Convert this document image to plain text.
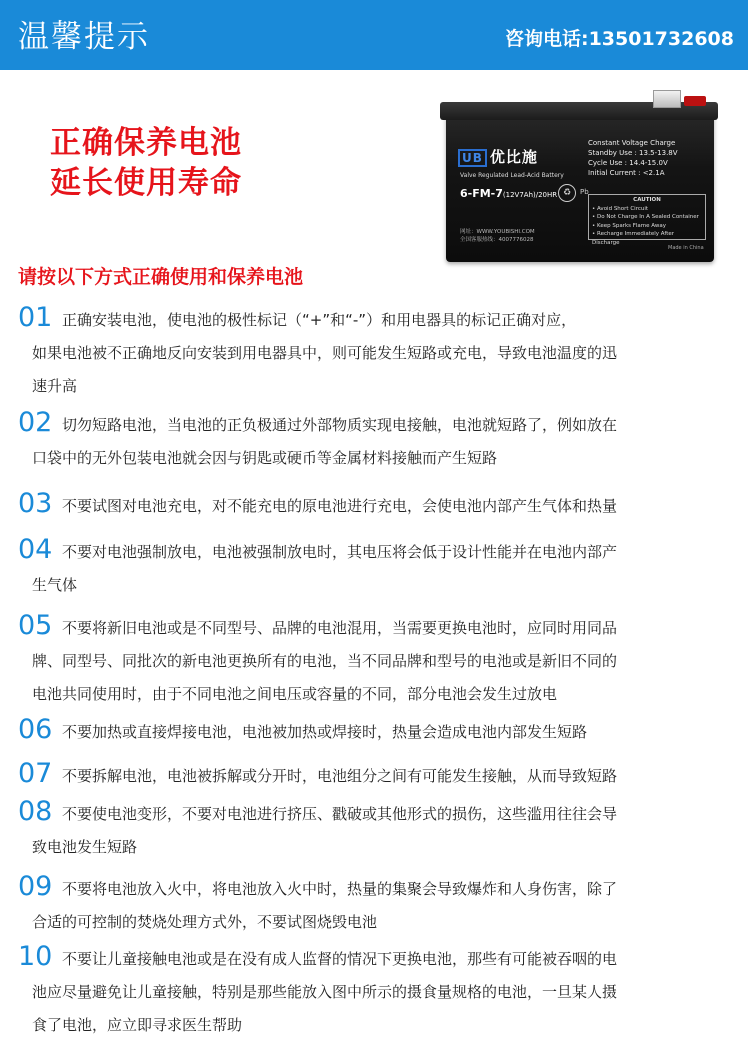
温馨提示	咨询电话:13501732608
正确保养电池
延长使用寿命
UB 优比施
Valve Regulated Lead-Acid Battery
6-FM-7(12V7Ah)/20HR ♻	Pb
网址：WWW.YOUBISHI.COM
全国客服热线：4007776028
Constant Voltage Charge
Standby Use : 13.5-13.8V
Cycle Use : 14.4-15.0V
Initial Current : <2.1A
CAUTION
• Avoid Short Circuit
• Do Not Charge In A Sealed Container
• Keep Sparks Flame Away
• Recharge Immediately After Discharge
Made in China
请按以下方式正确使用和保养电池
01 正确安装电池，使电池的极性标记（“+”和“-”）和用电器具的标记正确对应，
如果电池被不正确地反向安装到用电器具中，则可能发生短路或充电，导致电池温度的迅
速升高
02 切勿短路电池，当电池的正负极通过外部物质实现电接触，电池就短路了，例如放在
口袋中的无外包装电池就会因与钥匙或硬币等金属材料接触而产生短路
03 不要试图对电池充电，对不能充电的原电池进行充电，会使电池内部产生气体和热量
04 不要对电池强制放电，电池被强制放电时，其电压将会低于设计性能并在电池内部产
生气体
05 不要将新旧电池或是不同型号、品牌的电池混用，当需要更换电池时，应同时用同品
牌、同型号、同批次的新电池更换所有的电池，当不同品牌和型号的电池或是新旧不同的
电池共同使用时，由于不同电池之间电压或容量的不同，部分电池会发生过放电
06 不要加热或直接焊接电池，电池被加热或焊接时，热量会造成电池内部发生短路
07 不要拆解电池，电池被拆解或分开时，电池组分之间有可能发生接触，从而导致短路
08 不要使电池变形，不要对电池进行挤压、戳破或其他形式的损伤，这些滥用往往会导
致电池发生短路
09 不要将电池放入火中，将电池放入火中时，热量的集聚会导致爆炸和人身伤害，除了
合适的可控制的焚烧处理方式外，不要试图烧毁电池
10 不要让儿童接触电池或是在没有成人监督的情况下更换电池，那些有可能被吞咽的电
池应尽量避免让儿童接触，特别是那些能放入图中所示的摄食量规格的电池，一旦某人摄
食了电池，应立即寻求医生帮助
